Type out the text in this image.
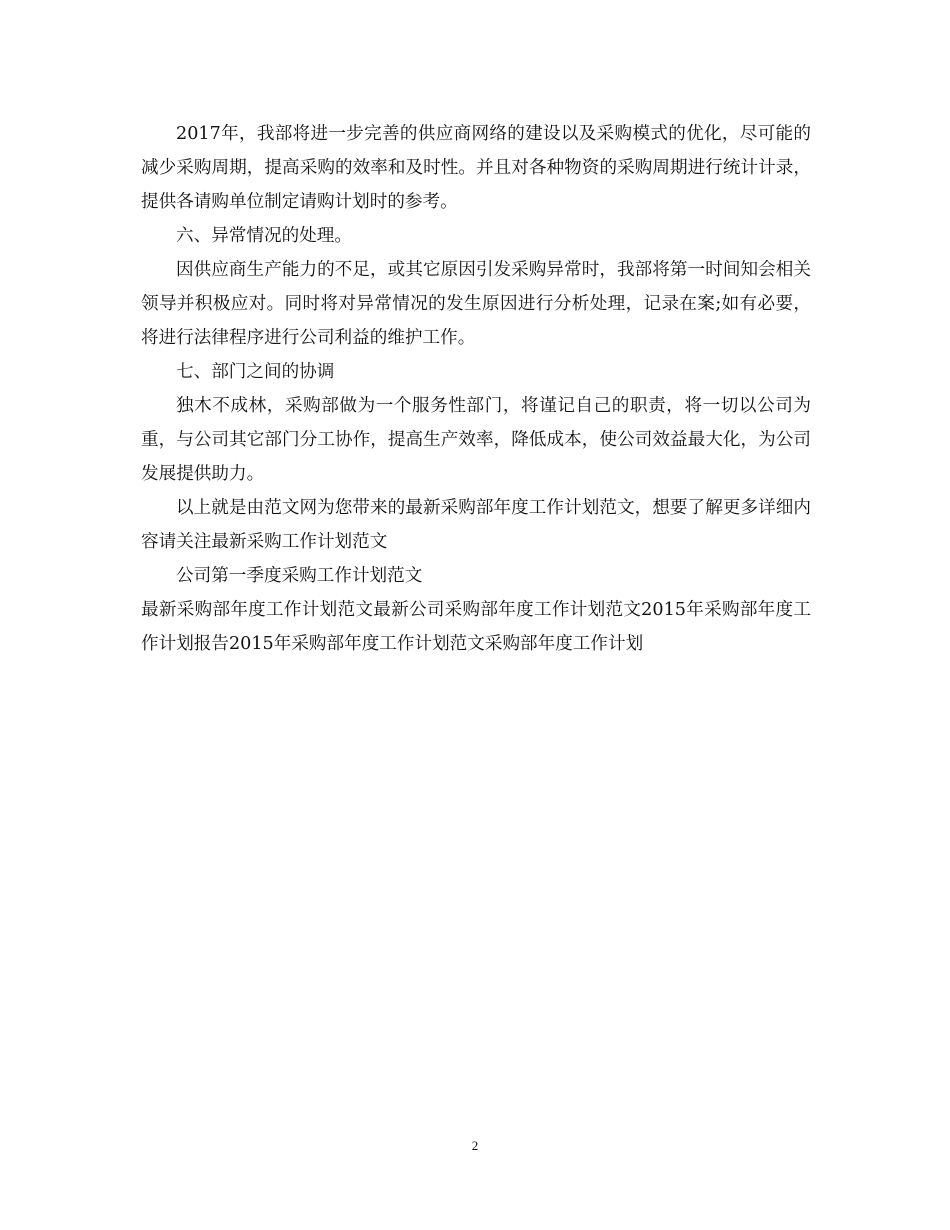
2017年，我部将进一步完善的供应商网络的建设以及采购模式的优化，尽可能的减少采购周期，提高采购的效率和及时性。并且对各种物资的采购周期进行统计计录，提供各请购单位制定请购计划时的参考。

六、异常情况的处理。

因供应商生产能力的不足，或其它原因引发采购异常时，我部将第一时间知会相关领导并积极应对。同时将对异常情况的发生原因进行分析处理，记录在案;如有必要，将进行法律程序进行公司利益的维护工作。

七、部门之间的协调

独木不成林，采购部做为一个服务性部门，将谨记自己的职责，将一切以公司为重，与公司其它部门分工协作，提高生产效率，降低成本，使公司效益最大化，为公司发展提供助力。

以上就是由范文网为您带来的最新采购部年度工作计划范文，想要了解更多详细内容请关注最新采购工作计划范文

公司第一季度采购工作计划范文

最新采购部年度工作计划范文最新公司采购部年度工作计划范文2015年采购部年度工作计划报告2015年采购部年度工作计划范文采购部年度工作计划

2
